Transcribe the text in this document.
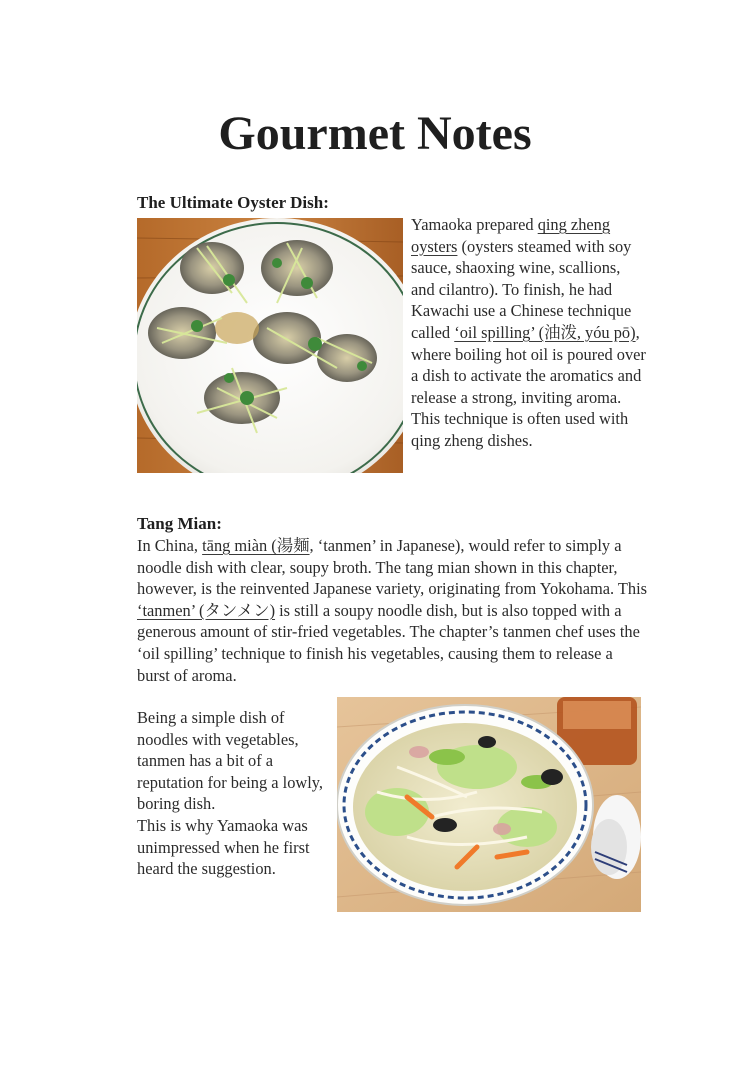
Gourmet Notes
The Ultimate Oyster Dish:
Yamaoka prepared qing zheng oysters (oysters steamed with soy sauce, shaoxing wine, scallions, and cilantro). To finish, he had Kawachi use a Chinese technique called ‘oil spilling’ (油泼, yóu pō), where boiling hot oil is poured over a dish to activate the aromatics and release a strong, inviting aroma.
This technique is often used with qing zheng dishes.
Tang Mian:
In China, tāng miàn (湯麺, ‘tanmen’ in Japanese), would refer to simply a noodle dish with clear, soupy broth. The tang mian shown in this chapter, however, is the reinvented Japanese variety, originating from Yokohama. This ‘tanmen’ (タンメン) is still a soupy noodle dish, but is also topped with a generous amount of stir-fried vegetables. The chapter’s tanmen chef uses the ‘oil spilling’ technique to finish his vegetables, causing them to release a burst of aroma.
Being a simple dish of noodles with vegetables, tanmen has a bit of a reputation for being a lowly, boring dish.
This is why Yamaoka was unimpressed when he first heard the suggestion.
